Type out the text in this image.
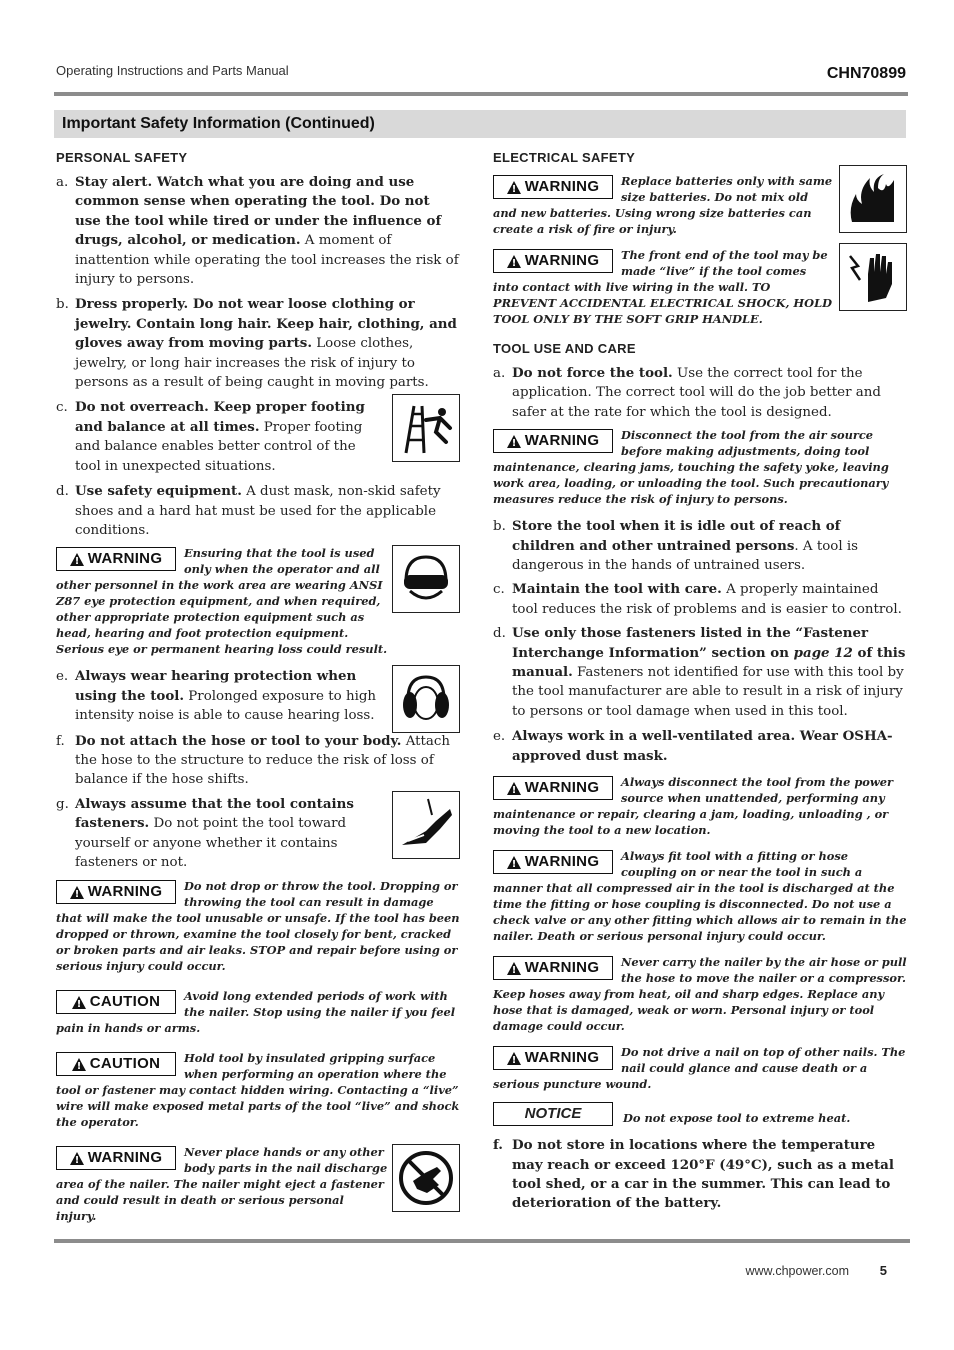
Operating Instructions and Parts Manual	CHN70899
Important Safety Information (Continued)
PERSONAL SAFETY
a. Stay alert. Watch what you are doing and use common sense when operating the tool. Do not use the tool while tired or under the influence of drugs, alcohol, or medication. A moment of inattention while operating the tool increases the risk of injury to persons.
b. Dress properly. Do not wear loose clothing or jewelry. Contain long hair. Keep hair, clothing, and gloves away from moving parts. Loose clothes, jewelry, or long hair increases the risk of injury to persons as a result of being caught in moving parts.
c. Do not overreach. Keep proper footing and balance at all times. Proper footing and balance enables better control of the tool in unexpected situations.
d. Use safety equipment. A dust mask, non-skid safety shoes and a hard hat must be used for the applicable conditions.
!
WARNING	Ensuring that the tool is used only when the operator and all other personnel in the work area are wearing ANSI Z87 eye protection equipment, and when required, other appropriate protection equipment such as head, hearing and foot protection equipment. Serious eye or permanent hearing loss could result.
e. Always wear hearing protection when using the tool. Prolonged exposure to high intensity noise is able to cause hearing loss.
f. Do not attach the hose or tool to your body. Attach the hose to the structure to reduce the risk of loss of balance if the hose shifts.
g. Always assume that the tool contains fasteners. Do not point the tool toward yourself or anyone whether it contains fasteners or not.
!
WARNING Do not drop or throw the tool. Dropping or throwing the tool can result in damage that will make the tool unusable or unsafe. If the tool has been dropped or thrown, examine the tool closely for bent, cracked or broken parts and air leaks. STOP and repair before using or serious injury could occur.
!
CAUTION Avoid long extended periods of work with the nailer. Stop using the nailer if you feel pain in hands or arms.
!
CAUTION Hold tool by insulated gripping surface when performing an operation where the tool or fastener may contact hidden wiring. Contacting a “live” wire will make exposed metal parts of the tool “live” and shock the operator.
!
WARNING	Never place hands or any other body parts in the nail discharge area of the nailer. The nailer might eject a fastener and could result in death or serious personal injury.
ELECTRICAL SAFETY
!
WARNING	Replace batteries only with same size batteries. Do not mix old and new batteries. Using wrong size batteries can create a risk of fire or injury.
!
WARNING	The front end of the tool may be made “live” if the tool comes into contact with live wiring in the wall. TO PREVENT ACCIDENTAL ELECTRICAL SHOCK, HOLD TOOL ONLY BY THE SOFT GRIP HANDLE.
TOOL USE AND CARE
a. Do not force the tool. Use the correct tool for the application. The correct tool will do the job better and safer at the rate for which the tool is designed.
!
WARNING Disconnect the tool from the air source before making adjustments, doing tool maintenance, clearing jams, touching the safety yoke, leaving work area, loading, or unloading the tool. Such precautionary measures reduce the risk of injury to persons.
b. Store the tool when it is idle out of reach of children and other untrained persons. A tool is dangerous in the hands of untrained users.
c. Maintain the tool with care. A properly maintained tool reduces the risk of problems and is easier to control.
d. Use only those fasteners listed in the “Fastener Interchange Information” section on page 12 of this manual. Fasteners not identified for use with this tool by the tool manufacturer are able to result in a risk of injury to persons or tool damage when used in this tool.
e. Always work in a well-ventilated area. Wear OSHA-approved dust mask.
!
WARNING Always disconnect the tool from the power source when unattended, performing any maintenance or repair, clearing a jam, loading, unloading , or moving the tool to a new location.
!
WARNING Always fit tool with a fitting or hose coupling on or near the tool in such a manner that all compressed air in the tool is discharged at the time the fitting or hose coupling is disconnected. Do not use a check valve or any other fitting which allows air to remain in the nailer. Death or serious personal injury could occur.
!
WARNING Never carry the nailer by the air hose or pull the hose to move the nailer or a compressor. Keep hoses away from heat, oil and sharp edges. Replace any hose that is damaged, weak or worn. Personal injury or tool damage could occur.
!
WARNING Do not drive a nail on top of other nails. The nail could glance and cause death or a serious puncture wound.
NOTICE	Do not expose tool to extreme heat.
f. Do not store in locations where the temperature may reach or exceed 120°F (49°C), such as a metal tool shed, or a car in the summer. This can lead to deterioration of the battery.
www.chpower.com 5
